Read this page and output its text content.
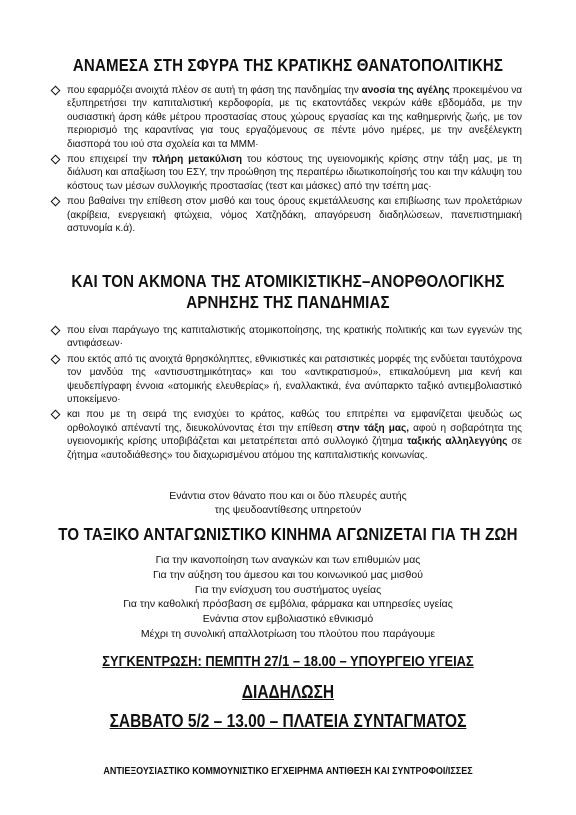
ΑΝΑΜΕΣΑ ΣΤΗ ΣΦΥΡΑ ΤΗΣ ΚΡΑΤΙΚΗΣ ΘΑΝΑΤΟΠΟΛΙΤΙΚΗΣ
που εφαρμόζει ανοιχτά πλέον σε αυτή τη φάση της πανδημίας την ανοσία της αγέλης προκειμένου να εξυπηρετήσει την καπιταλιστική κερδοφορία, με τις εκατοντάδες νεκρών κάθε εβδομάδα, με την ουσιαστική άρση κάθε μέτρου προστασίας στους χώρους εργασίας και της καθημερινής ζωής, με τον περιορισμό της καραντίνας για τους εργαζόμενους σε πέντε μόνο ημέρες, με την ανεξέλεγκτη διασπορά του ιού στα σχολεία και τα ΜΜΜ·
που επιχειρεί την πλήρη μετακύλιση του κόστους της υγειονομικής κρίσης στην τάξη μας, με τη διάλυση και απαξίωση του ΕΣΥ, την προώθηση της περαιτέρω ιδιωτικοποίησής του και την κάλυψη του κόστους των μέσων συλλογικής προστασίας (τεστ και μάσκες) από την τσέπη μας·
που βαθαίνει την επίθεση στον μισθό και τους όρους εκμετάλλευσης και επιβίωσης των προλετάριων (ακρίβεια, ενεργειακή φτώχεια, νόμος Χατζηδάκη, απαγόρευση διαδηλώσεων, πανεπιστημιακή αστυνομία κ.ά).
ΚΑΙ ΤΟΝ ΑΚΜΟΝΑ ΤΗΣ ΑΤΟΜΙΚΙΣΤΙΚΗΣ–ΑΝΟΡΘΟΛΟΓΙΚΗΣ
ΑΡΝΗΣΗΣ ΤΗΣ ΠΑΝΔΗΜΙΑΣ
που είναι παράγωγο της καπιταλιστικής ατομικοποίησης, της κρατικής πολιτικής και των εγγενών της αντιφάσεων·
που εκτός από τις ανοιχτά θρησκόληπτες, εθνικιστικές και ρατσιστικές μορφές της ενδύεται ταυτόχρονα τον μανδύα της «αντισυστημικότητας» και του «αντικρατισμού», επικαλούμενη μια κενή και ψευδεπίγραφη έννοια «ατομικής ελευθερίας» ή, εναλλακτικά, ένα ανύπαρκτο ταξικό αντιεμβολιαστικό υποκείμενο·
και που με τη σειρά της ενισχύει το κράτος, καθώς του επιτρέπει να εμφανίζεται ψευδώς ως ορθολογικό απέναντί της, διευκολύνοντας έτσι την επίθεση στην τάξη μας, αφού η σοβαρότητα της υγειονομικής κρίσης υποβιβάζεται και μετατρέπεται από συλλογικό ζήτημα ταξικής αλληλεγγύης σε ζήτημα «αυτοδιάθεσης» του διαχωρισμένου ατόμου της καπιταλιστικής κοινωνίας.
Ενάντια στον θάνατο που και οι δύο πλευρές αυτής
της ψευδοαντίθεσης υπηρετούν
ΤΟ ΤΑΞΙΚΟ ΑΝΤΑΓΩΝΙΣΤΙΚΟ ΚΙΝΗΜΑ ΑΓΩΝΙΖΕΤΑΙ ΓΙΑ ΤΗ ΖΩΗ
Για την ικανοποίηση των αναγκών και των επιθυμιών μας
Για την αύξηση του άμεσου και του κοινωνικού μας μισθού
Για την ενίσχυση του συστήματος υγείας
Για την καθολική πρόσβαση σε εμβόλια, φάρμακα και υπηρεσίες υγείας
Ενάντια στον εμβολιαστικό εθνικισμό
Μέχρι τη συνολική απαλλοτρίωση του πλούτου που παράγουμε
ΣΥΓΚΕΝΤΡΩΣΗ: ΠΕΜΠΤΗ 27/1 – 18.00 – ΥΠΟΥΡΓΕΙΟ ΥΓΕΙΑΣ
ΔΙΑΔΗΛΩΣΗ
ΣΑΒΒΑΤΟ 5/2 – 13.00 – ΠΛΑΤΕΙΑ ΣΥΝΤΑΓΜΑΤΟΣ
ΑΝΤΙΕΞΟΥΣΙΑΣΤΙΚΟ ΚΟΜΜΟΥΝΙΣΤΙΚΟ ΕΓΧΕΙΡΗΜΑ ΑΝΤΙΘΕΣΗ ΚΑΙ ΣΥΝΤΡΟΦΟΙ/ΙΣΣΕΣ
